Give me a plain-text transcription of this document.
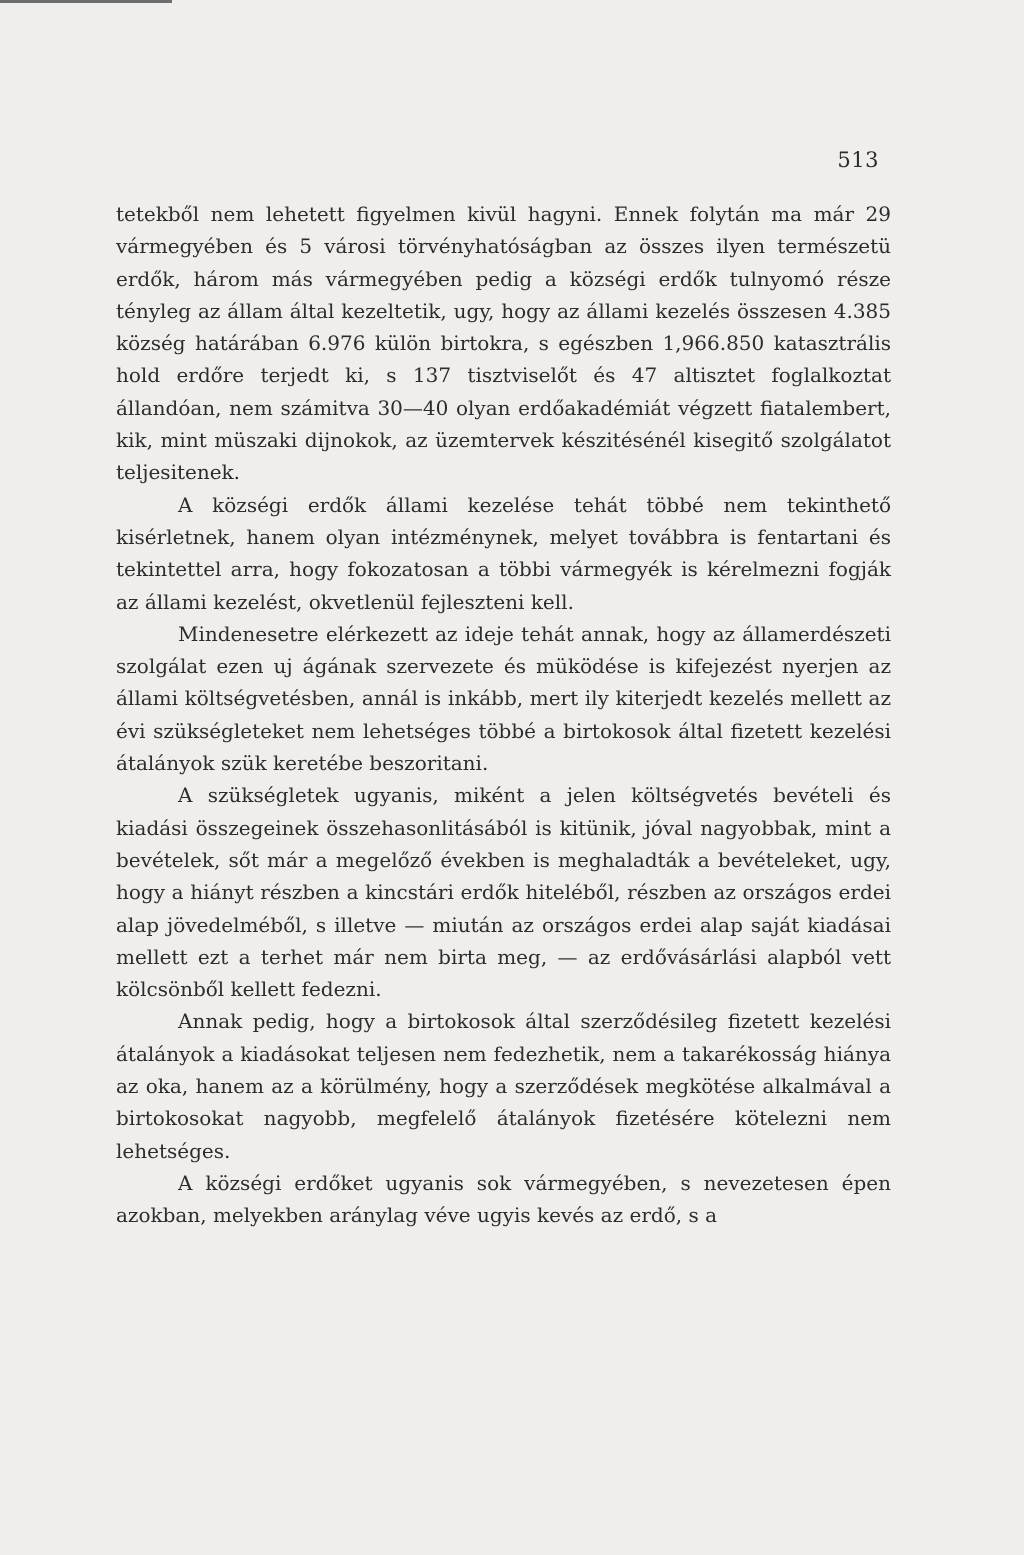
513

tetekből nem lehetett figyelmen kivül hagyni. Ennek folytán ma már 29 vármegyében és 5 városi törvényhatóságban az összes ilyen természetü erdők, három más vármegyében pedig a községi erdők tulnyomó része tényleg az állam által kezeltetik, ugy, hogy az állami kezelés összesen 4.385 község határában 6.976 külön birtokra, s egészben 1,966.850 katasztrális hold erdőre terjedt ki, s 137 tisztviselőt és 47 altisztet foglalkoztat állandóan, nem számitva 30—40 olyan erdőakadémiát végzett fiatalembert, kik, mint müszaki dijnokok, az üzemtervek készitésénél kisegitő szolgálatot teljesitenek.

A községi erdők állami kezelése tehát többé nem tekinthető kisérletnek, hanem olyan intézménynek, melyet továbbra is fentartani és tekintettel arra, hogy fokozatosan a többi vármegyék is kérelmezni fogják az állami kezelést, okvetlenül fejleszteni kell.

Mindenesetre elérkezett az ideje tehát annak, hogy az államerdészeti szolgálat ezen uj ágának szervezete és müködése is kifejezést nyerjen az állami költségvetésben, annál is inkább, mert ily kiterjedt kezelés mellett az évi szükségleteket nem lehetséges többé a birtokosok által fizetett kezelési átalányok szük keretébe beszoritani.

A szükségletek ugyanis, miként a jelen költségvetés bevételi és kiadási összegeinek összehasonlitásából is kitünik, jóval nagyobbak, mint a bevételek, sőt már a megelőző években is meghaladták a bevételeket, ugy, hogy a hiányt részben a kincstári erdők hiteléből, részben az országos erdei alap jövedelméből, s illetve — miután az országos erdei alap saját kiadásai mellett ezt a terhet már nem birta meg, — az erdővásárlási alapból vett kölcsönből kellett fedezni.

Annak pedig, hogy a birtokosok által szerződésileg fizetett kezelési átalányok a kiadásokat teljesen nem fedezhetik, nem a takarékosság hiánya az oka, hanem az a körülmény, hogy a szerződések megkötése alkalmával a birtokosokat nagyobb, megfelelő átalányok fizetésére kötelezni nem lehetséges.

A községi erdőket ugyanis sok vármegyében, s nevezetesen épen azokban, melyekben aránylag véve ugyis kevés az erdő, s a
